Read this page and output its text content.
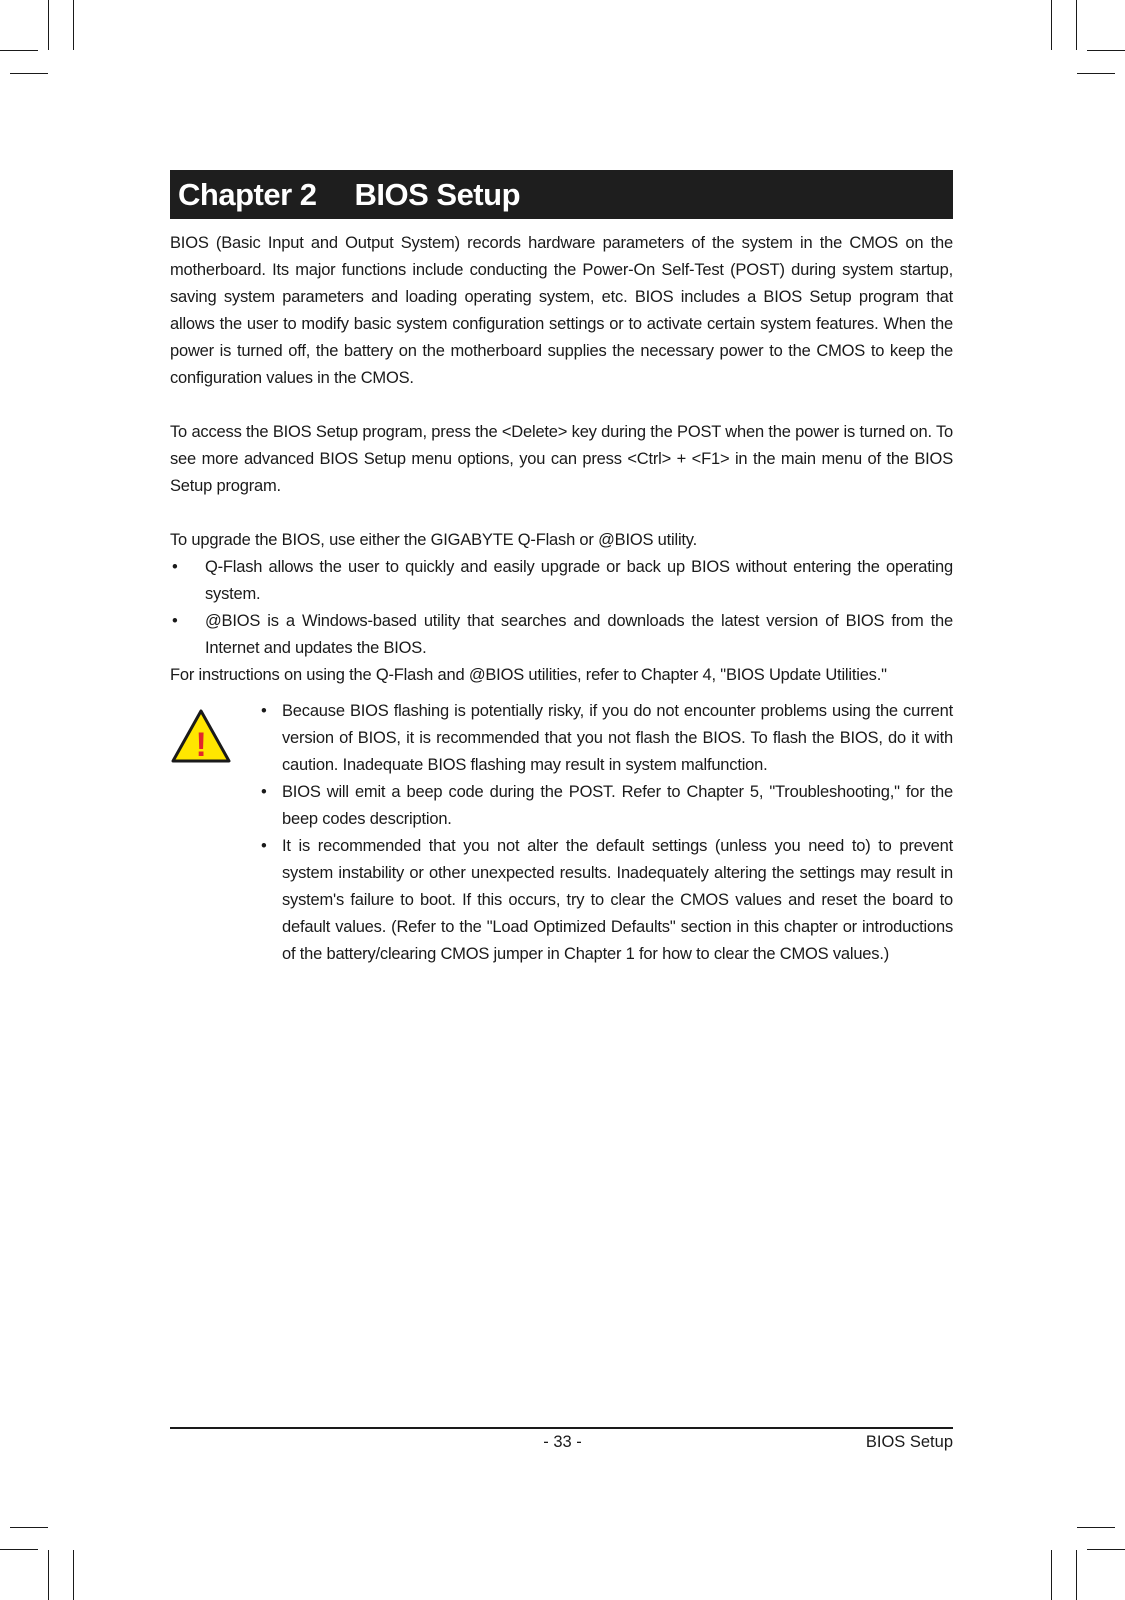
Chapter 2 BIOS Setup

BIOS (Basic Input and Output System) records hardware parameters of the system in the CMOS on the motherboard. Its major functions include conducting the Power-On Self-Test (POST) during system startup, saving system parameters and loading operating system, etc. BIOS includes a BIOS Setup program that allows the user to modify basic system configuration settings or to activate certain system features. When the power is turned off, the battery on the motherboard supplies the necessary power to the CMOS to keep the configuration values in the CMOS.

To access the BIOS Setup program, press the <Delete> key during the POST when the power is turned on. To see more advanced BIOS Setup menu options, you can press <Ctrl> + <F1> in the main menu of the BIOS Setup program.

To upgrade the BIOS, use either the GIGABYTE Q-Flash or @BIOS utility.

• Q-Flash allows the user to quickly and easily upgrade or back up BIOS without entering the operating system.
• @BIOS is a Windows-based utility that searches and downloads the latest version of BIOS from the Internet and updates the BIOS.

For instructions on using the Q-Flash and @BIOS utilities, refer to Chapter 4, "BIOS Update Utilities."

!
• Because BIOS flashing is potentially risky, if you do not encounter problems using the current version of BIOS, it is recommended that you not flash the BIOS. To flash the BIOS, do it with caution. Inadequate BIOS flashing may result in system malfunction.
• BIOS will emit a beep code during the POST. Refer to Chapter 5, "Troubleshooting," for the beep codes description.
• It is recommended that you not alter the default settings (unless you need to) to prevent system instability or other unexpected results. Inadequately altering the settings may result in system's failure to boot. If this occurs, try to clear the CMOS values and reset the board to default values. (Refer to the "Load Optimized Defaults" section in this chapter or introductions of the battery/clearing CMOS jumper in Chapter 1 for how to clear the CMOS values.)
- 33 -	BIOS Setup
